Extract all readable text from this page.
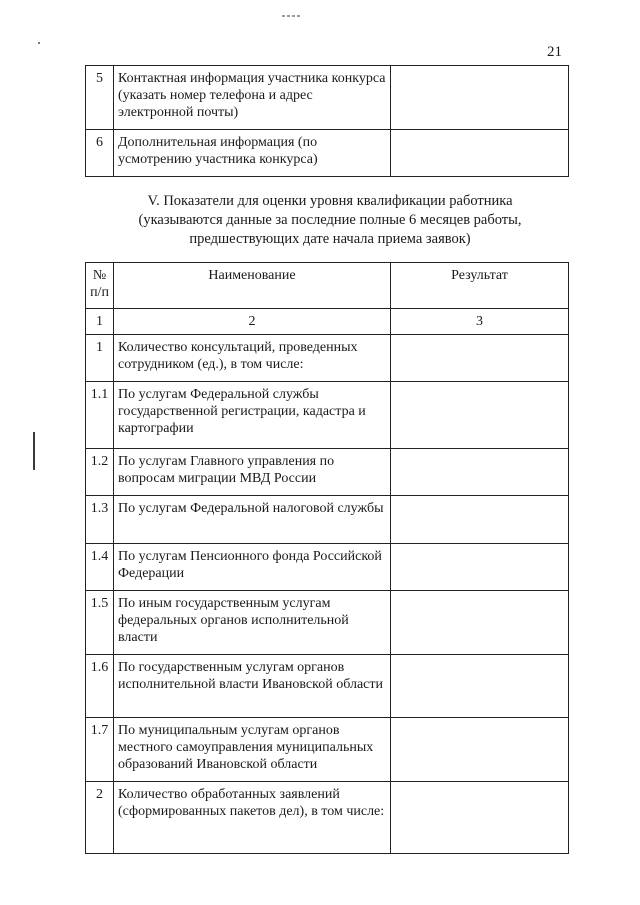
21
5	Контактная информация участника конкурса (указать номер телефона и адрес электронной почты)	
6	Дополнительная информация (по усмотрению участника конкурса)	
V. Показатели для оценки уровня квалификации работника
(указываются данные за последние полные 6 месяцев работы,
предшествующих дате начала приема заявок)
№ п/п	Наименование	Результат
1	2	3
1	Количество консультаций, проведенных сотрудником (ед.), в том числе:	
1.1	По услугам Федеральной службы государственной регистрации, кадастра и картографии	
1.2	По услугам Главного управления по вопросам миграции МВД России	
1.3	По услугам Федеральной налоговой службы	
1.4	По услугам Пенсионного фонда Российской Федерации	
1.5	По иным государственным услугам федеральных органов исполнительной власти	
1.6	По государственным услугам органов исполнительной власти Ивановской области	
1.7	По муниципальным услугам органов местного самоуправления муниципальных образований Ивановской области	
2	Количество обработанных заявлений (сформированных пакетов дел), в том числе:	
